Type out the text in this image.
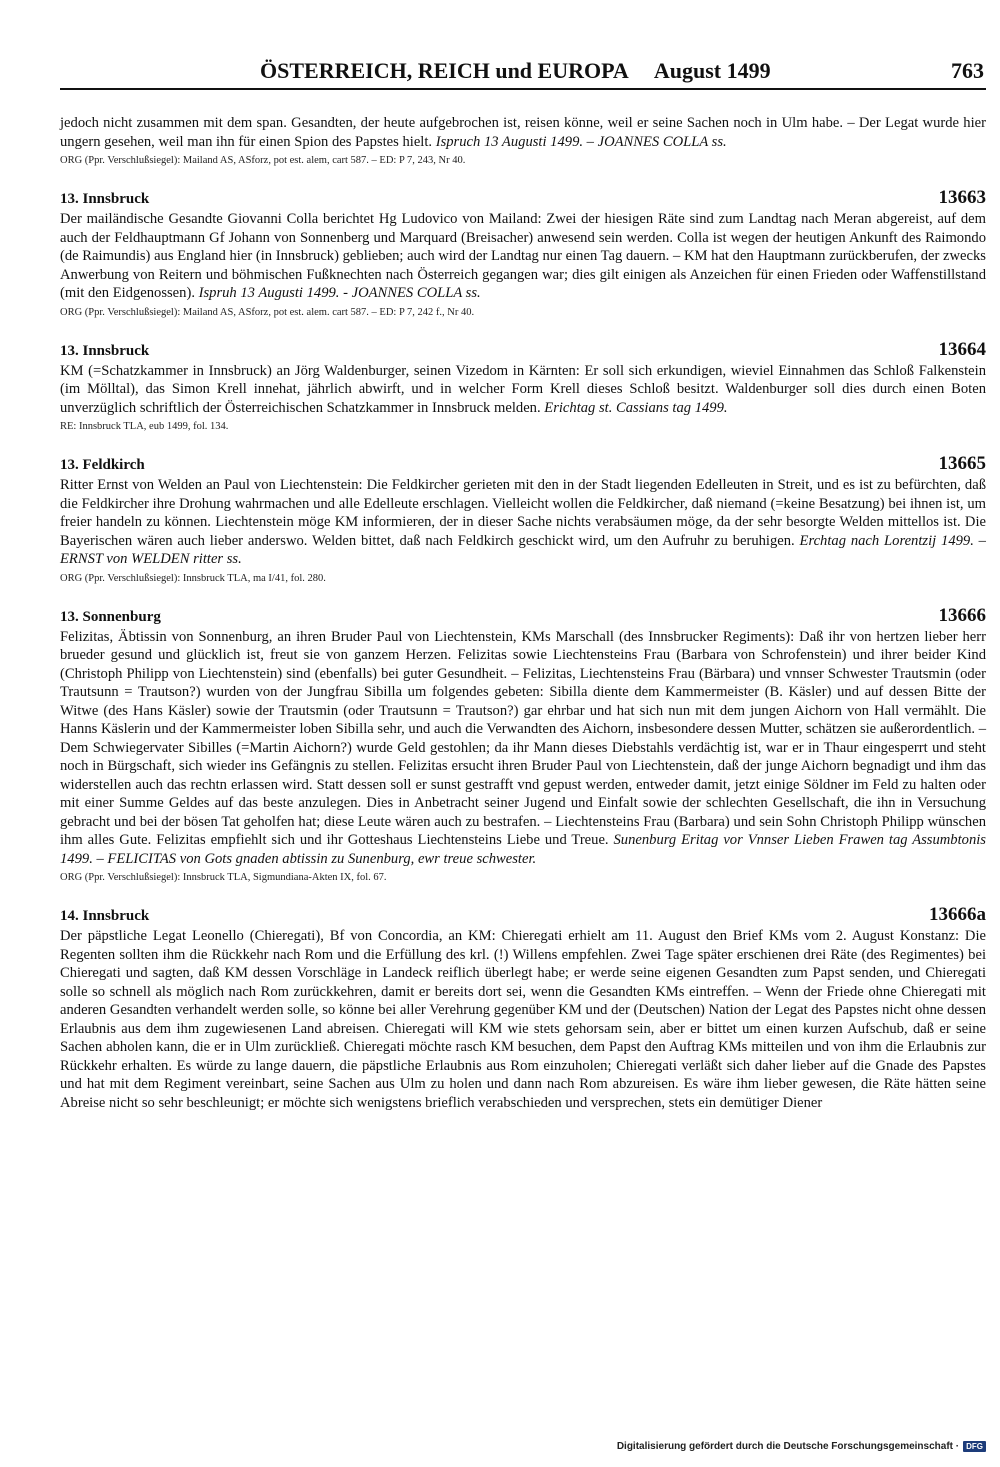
ÖSTERREICH, REICH und EUROPA     August 1499	763

jedoch nicht zusammen mit dem span. Gesandten, der heute aufgebrochen ist, reisen könne, weil er seine Sachen noch in Ulm habe. – Der Legat wurde hier ungern gesehen, weil man ihn für einen Spion des Papstes hielt. Ispruch 13 Augusti 1499. – JOANNES COLLA ss.

ORG (Ppr. Verschlußsiegel): Mailand AS, ASforz, pot est. alem, cart 587. – ED: P 7, 243, Nr 40.

13. Innsbruck	13663

Der mailändische Gesandte Giovanni Colla berichtet Hg Ludovico von Mailand: Zwei der hiesigen Räte sind zum Landtag nach Meran abgereist, auf dem auch der Feldhauptmann Gf Johann von Sonnenberg und Marquard (Breisacher) anwesend sein werden. Colla ist wegen der heutigen Ankunft des Raimondo (de Raimundis) aus England hier (in Innsbruck) geblieben; auch wird der Landtag nur einen Tag dauern. – KM hat den Hauptmann zurückberufen, der zwecks Anwerbung von Reitern und böhmischen Fußknechten nach Österreich gegangen war; dies gilt einigen als Anzeichen für einen Frieden oder Waffenstillstand (mit den Eidgenossen). Ispruh 13 Augusti 1499. - JOANNES COLLA ss.

ORG (Ppr. Verschlußsiegel): Mailand AS, ASforz, pot est. alem. cart 587. – ED: P 7, 242 f., Nr 40.

13. Innsbruck	13664

KM (=Schatzkammer in Innsbruck) an Jörg Waldenburger, seinen Vizedom in Kärnten: Er soll sich erkundigen, wieviel Einnahmen das Schloß Falkenstein (im Mölltal), das Simon Krell innehat, jährlich abwirft, und in welcher Form Krell dieses Schloß besitzt. Waldenburger soll dies durch einen Boten unverzüglich schriftlich der Österreichischen Schatzkammer in Innsbruck melden. Erichtag st. Cassians tag 1499.

RE: Innsbruck TLA, eub 1499, fol. 134.

13. Feldkirch	13665

Ritter Ernst von Welden an Paul von Liechtenstein: Die Feldkircher gerieten mit den in der Stadt liegenden Edelleuten in Streit, und es ist zu befürchten, daß die Feldkircher ihre Drohung wahrmachen und alle Edelleute erschlagen. Vielleicht wollen die Feldkircher, daß niemand (=keine Besatzung) bei ihnen ist, um freier handeln zu können. Liechtenstein möge KM informieren, der in dieser Sache nichts verabsäumen möge, da der sehr besorgte Welden mittellos ist. Die Bayerischen wären auch lieber anderswo. Welden bittet, daß nach Feldkirch geschickt wird, um den Aufruhr zu beruhigen. Erchtag nach Lorentzij 1499. – ERNST von WELDEN ritter ss.

ORG (Ppr. Verschlußsiegel): Innsbruck TLA, ma I/41, fol. 280.

13. Sonnenburg	13666

Felizitas, Äbtissin von Sonnenburg, an ihren Bruder Paul von Liechtenstein, KMs Marschall (des Innsbrucker Regiments): Daß ihr von hertzen lieber herr brueder gesund und glücklich ist, freut sie von ganzem Herzen. Felizitas sowie Liechtensteins Frau (Barbara von Schrofenstein) und ihrer beider Kind (Christoph Philipp von Liechtenstein) sind (ebenfalls) bei guter Gesundheit. – Felizitas, Liechtensteins Frau (Bärbara) und vnnser Schwester Trautsmin (oder Trautsunn = Trautson?) wurden von der Jungfrau Sibilla um folgendes gebeten: Sibilla diente dem Kammermeister (B. Käsler) und auf dessen Bitte der Witwe (des Hans Käsler) sowie der Trautsmin (oder Trautsunn = Trautson?) gar ehrbar und hat sich nun mit dem jungen Aichorn von Hall vermählt. Die Hanns Käslerin und der Kammermeister loben Sibilla sehr, und auch die Verwandten des Aichorn, insbesondere dessen Mutter, schätzen sie außerordentlich. – Dem Schwiegervater Sibilles (=Martin Aichorn?) wurde Geld gestohlen; da ihr Mann dieses Diebstahls verdächtig ist, war er in Thaur eingesperrt und steht noch in Bürgschaft, sich wieder ins Gefängnis zu stellen. Felizitas ersucht ihren Bruder Paul von Liechtenstein, daß der junge Aichorn begnadigt und ihm das widerstellen auch das rechtn erlassen wird. Statt dessen soll er sunst gestrafft vnd gepust werden, entweder damit, jetzt einige Söldner im Feld zu halten oder mit einer Summe Geldes auf das beste anzulegen. Dies in Anbetracht seiner Jugend und Einfalt sowie der schlechten Gesellschaft, die ihn in Versuchung gebracht und bei der bösen Tat geholfen hat; diese Leute wären auch zu bestrafen. – Liechtensteins Frau (Barbara) und sein Sohn Christoph Philipp wünschen ihm alles Gute. Felizitas empfiehlt sich und ihr Gotteshaus Liechtensteins Liebe und Treue. Sunenburg Eritag vor Vnnser Lieben Frawen tag Assumbtonis 1499. – FELICITAS von Gots gnaden abtissin zu Sunenburg, ewr treue schwester.

ORG (Ppr. Verschlußsiegel): Innsbruck TLA, Sigmundiana-Akten IX, fol. 67.

14. Innsbruck	13666a

Der päpstliche Legat Leonello (Chieregati), Bf von Concordia, an KM: Chieregati erhielt am 11. August den Brief KMs vom 2. August Konstanz: Die Regenten sollten ihm die Rückkehr nach Rom und die Erfüllung des krl. (!) Willens empfehlen. Zwei Tage später erschienen drei Räte (des Regimentes) bei Chieregati und sagten, daß KM dessen Vorschläge in Landeck reiflich überlegt habe; er werde seine eigenen Gesandten zum Papst senden, und Chieregati solle so schnell als möglich nach Rom zurückkehren, damit er bereits dort sei, wenn die Gesandten KMs eintreffen. – Wenn der Friede ohne Chieregati mit anderen Gesandten verhandelt werden solle, so könne bei aller Verehrung gegenüber KM und der (Deutschen) Nation der Legat des Papstes nicht ohne dessen Erlaubnis aus dem ihm zugewiesenen Land abreisen. Chieregati will KM wie stets gehorsam sein, aber er bittet um einen kurzen Aufschub, daß er seine Sachen abholen kann, die er in Ulm zurückließ. Chieregati möchte rasch KM besuchen, dem Papst den Auftrag KMs mitteilen und von ihm die Erlaubnis zur Rückkehr erhalten. Es würde zu lange dauern, die päpstliche Erlaubnis aus Rom einzuholen; Chieregati verläßt sich daher lieber auf die Gnade des Papstes und hat mit dem Regiment vereinbart, seine Sachen aus Ulm zu holen und dann nach Rom abzureisen. Es wäre ihm lieber gewesen, die Räte hätten seine Abreise nicht so sehr beschleunigt; er möchte sich wenigstens brieflich verabschieden und versprechen, stets ein demütiger Diener

Digitalisierung gefördert durch die Deutsche Forschungsgemeinschaft · DFG
